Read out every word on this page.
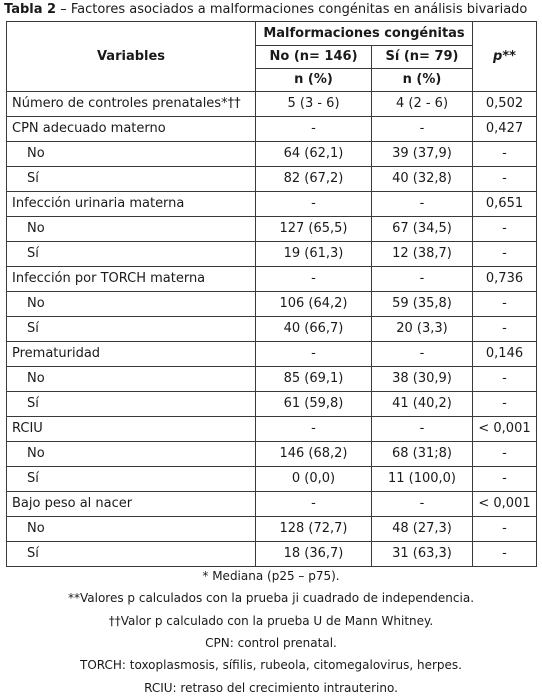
Tabla 2 – Factores asociados a malformaciones congénitas en análisis bivariado
Variables	Malformaciones congénitas		p**
	No (n= 146)	Sí (n= 79)	
	n (%)	n (%)	
Número de controles prenatales*††	5 (3 - 6)	4 (2 - 6)	0,502
CPN adecuado materno	-	-	0,427
No	64 (62,1)	39 (37,9)	-
Sí	82 (67,2)	40 (32,8)	-
Infección urinaria materna	-	-	0,651
No	127 (65,5)	67 (34,5)	-
Sí	19 (61,3)	12 (38,7)	-
Infección por TORCH materna	-	-	0,736
No	106 (64,2)	59 (35,8)	-
Sí	40 (66,7)	20 (3,3)	-
Prematuridad	-	-	0,146
No	85 (69,1)	38 (30,9)	-
Sí	61 (59,8)	41 (40,2)	-
RCIU	-	-	< 0,001
No	146 (68,2)	68 (31;8)	-
Sí	0 (0,0)	11 (100,0)	-
Bajo peso al nacer	-	-	< 0,001
No	128 (72,7)	48 (27,3)	-
Sí	18 (36,7)	31 (63,3)	-
* Mediana (p25 – p75).
**Valores p calculados con la prueba ji cuadrado de independencia.
††Valor p calculado con la prueba U de Mann Whitney.
CPN: control prenatal.
TORCH: toxoplasmosis, sífilis, rubeola, citomegalovirus, herpes.
RCIU: retraso del crecimiento intrauterino.
